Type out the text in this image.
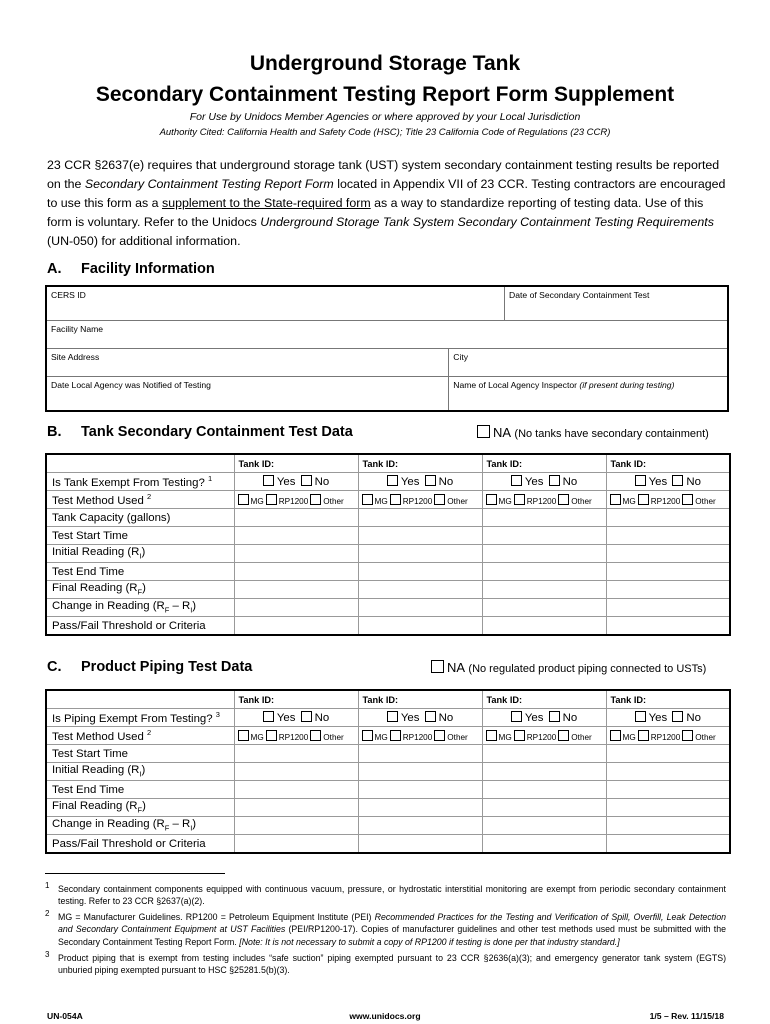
Underground Storage Tank
Secondary Containment Testing Report Form Supplement
For Use by Unidocs Member Agencies or where approved by your Local Jurisdiction
Authority Cited: California Health and Safety Code (HSC); Title 23 California Code of Regulations (23 CCR)
23 CCR §2637(e) requires that underground storage tank (UST) system secondary containment testing results be reported on the Secondary Containment Testing Report Form located in Appendix VII of 23 CCR. Testing contractors are encouraged to use this form as a supplement to the State-required form as a way to standardize reporting of testing data. Use of this form is voluntary. Refer to the Unidocs Underground Storage Tank System Secondary Containment Testing Requirements (UN-050) for additional information.
A. Facility Information
CERS ID		Date of Secondary Containment Test
Facility Name		
Site Address	City	
Date Local Agency was Notified of Testing	Name of Local Agency Inspector (if present during testing)	
B. Tank Secondary Containment Test Data	NA (No tanks have secondary containment)
	Tank ID:	Tank ID:	Tank ID:	Tank ID:
Is Tank Exempt From Testing? $^1$	Yes No	Yes No	Yes No	Yes No
Test Method Used $^2$	MG RP1200 Other	MG RP1200 Other	MG RP1200 Other	MG RP1200 Other
Tank Capacity (gallons)				
Test Start Time				
Initial Reading $(R_I)$				
Test End Time				
Final Reading $(R_F)$				
Change in Reading $(R_F - R_I)$				
Pass/Fail Threshold or Criteria				
C. Product Piping Test Data	NA (No regulated product piping connected to USTs)
	Tank ID:	Tank ID:	Tank ID:	Tank ID:
Is Piping Exempt From Testing? $^3$	Yes No	Yes No	Yes No	Yes No
Test Method Used $^2$	MG RP1200 Other	MG RP1200 Other	MG RP1200 Other	MG RP1200 Other
Test Start Time				
Initial Reading $(R_I)$				
Test End Time				
Final Reading $(R_F)$				
Change in Reading $(R_F - R_I)$				
Pass/Fail Threshold or Criteria				
1 Secondary containment components equipped with continuous vacuum, pressure, or hydrostatic interstitial monitoring are exempt from periodic secondary containment testing. Refer to 23 CCR §2637(a)(2).
2 MG = Manufacturer Guidelines. RP1200 = Petroleum Equipment Institute (PEI) Recommended Practices for the Testing and Verification of Spill, Overfill, Leak Detection and Secondary Containment Equipment at UST Facilities (PEI/RP1200-17). Copies of manufacturer guidelines and other test methods used must be submitted with the Secondary Containment Testing Report Form. [Note: It is not necessary to submit a copy of RP1200 if testing is done per that industry standard.]
3 Product piping that is exempt from testing includes “safe suction” piping exempted pursuant to 23 CCR §2636(a)(3); and emergency generator tank system (EGTS) unburied piping exempted pursuant to HSC §25281.5(b)(3).
UN-054A	www.unidocs.org	1/5 – Rev. 11/15/18
